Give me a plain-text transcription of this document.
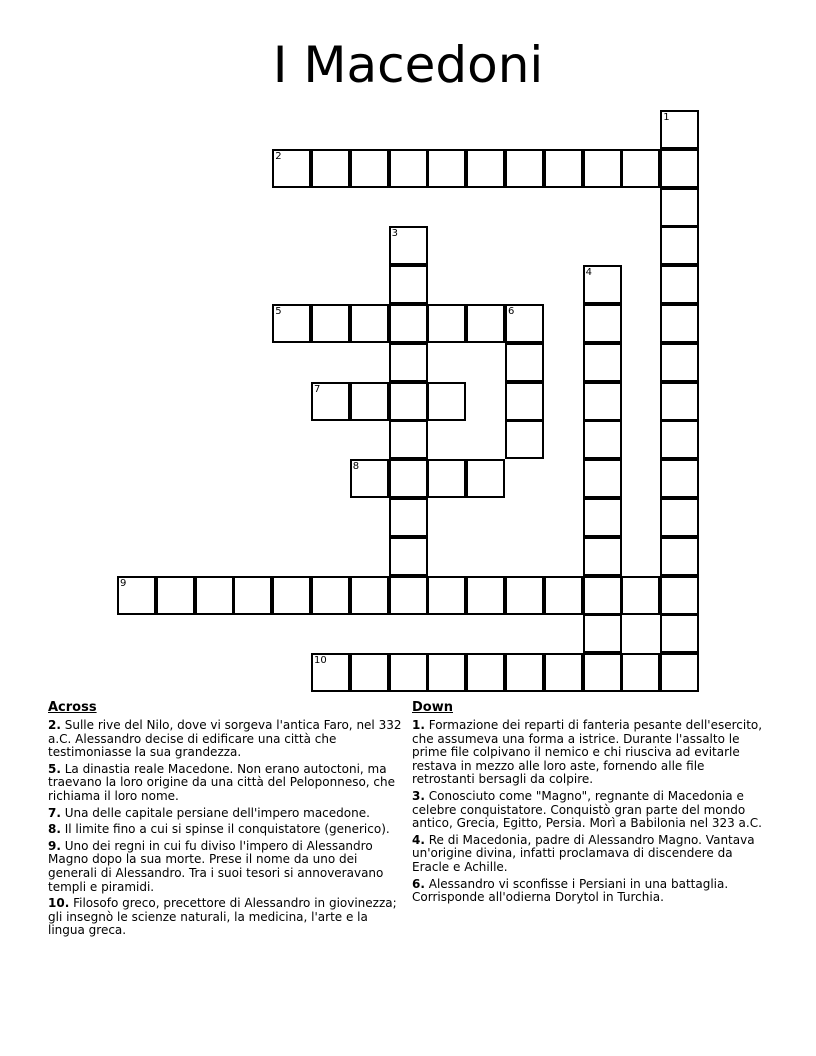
I Macedoni
1
2
3
4
5	6
7
8
9
10
Across
2. Sulle rive del Nilo, dove vi sorgeva l'antica Faro, nel 332 a.C. Alessandro decise di edificare una città che testimoniasse la sua grandezza.
5. La dinastia reale Macedone. Non erano autoctoni, ma traevano la loro origine da una città del Peloponneso, che richiama il loro nome.
7. Una delle capitale persiane dell'impero macedone.
8. Il limite fino a cui si spinse il conquistatore (generico).
9. Uno dei regni in cui fu diviso l'impero di Alessandro Magno dopo la sua morte. Prese il nome da uno dei generali di Alessandro. Tra i suoi tesori si annoveravano templi e piramidi.
10. Filosofo greco, precettore di Alessandro in giovinezza; gli insegnò le scienze naturali, la medicina, l'arte e la lingua greca.
Down
1. Formazione dei reparti di fanteria pesante dell'esercito, che assumeva una forma a istrice. Durante l'assalto le prime file colpivano il nemico e chi riusciva ad evitarle restava in mezzo alle loro aste, fornendo alle file retrostanti bersagli da colpire.
3. Conosciuto come "Magno", regnante di Macedonia e celebre conquistatore. Conquistò gran parte del mondo antico, Grecia, Egitto, Persia. Morì a Babilonia nel 323 a.C.
4. Re di Macedonia, padre di Alessandro Magno. Vantava un'origine divina, infatti proclamava di discendere da Eracle e Achille.
6. Alessandro vi sconfisse i Persiani in una battaglia. Corrisponde all'odierna Dorytol in Turchia.
